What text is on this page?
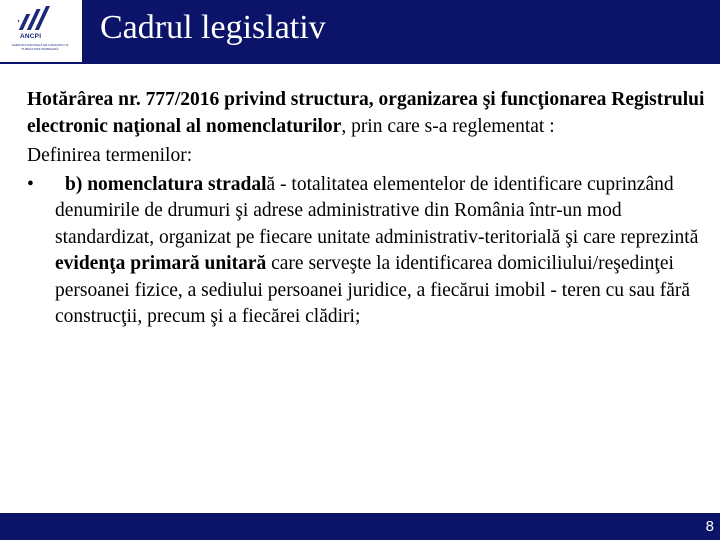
ANCPI
AGENŢIA NAŢIONALĂ DE CADASTRU ŞI PUBLICITATE IMOBILIARĂ
Cadrul legislativ

Hotărârea nr. 777/2016 privind structura, organizarea şi funcţionarea Registrului electronic naţional al nomenclaturilor, prin care s-a reglementat :

Definirea termenilor:

•	b) nomenclatura stradală - totalitatea elementelor de identificare cuprinzând denumirile de drumuri şi adrese administrative din România într-un mod standardizat, organizat pe fiecare unitate administrativ-teritorială şi care reprezintă evidenţa primară unitară care serveşte la identificarea domiciliului/reşedinţei persoanei fizice, a sediului persoanei juridice, a fiecărui imobil - teren cu sau fără construcţii, precum şi a fiecărei clădiri;
8
